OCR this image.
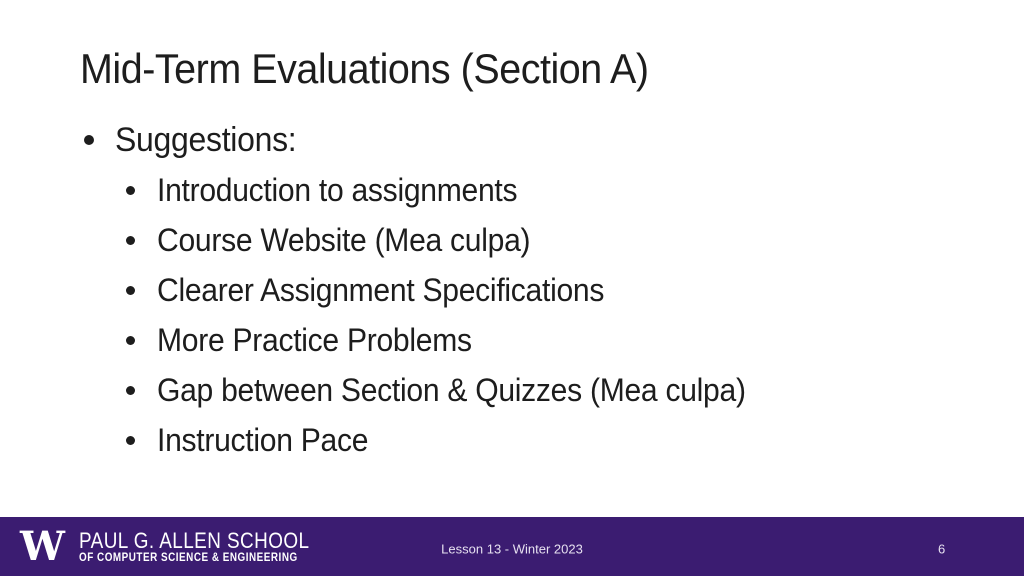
Mid-Term Evaluations (Section A)
Suggestions:
Introduction to assignments
Course Website (Mea culpa)
Clearer Assignment Specifications
More Practice Problems
Gap between Section & Quizzes (Mea culpa)
Instruction Pace
W PAUL G. ALLEN SCHOOL
OF COMPUTER SCIENCE & ENGINEERING
Lesson 13 - Winter 2023	6
